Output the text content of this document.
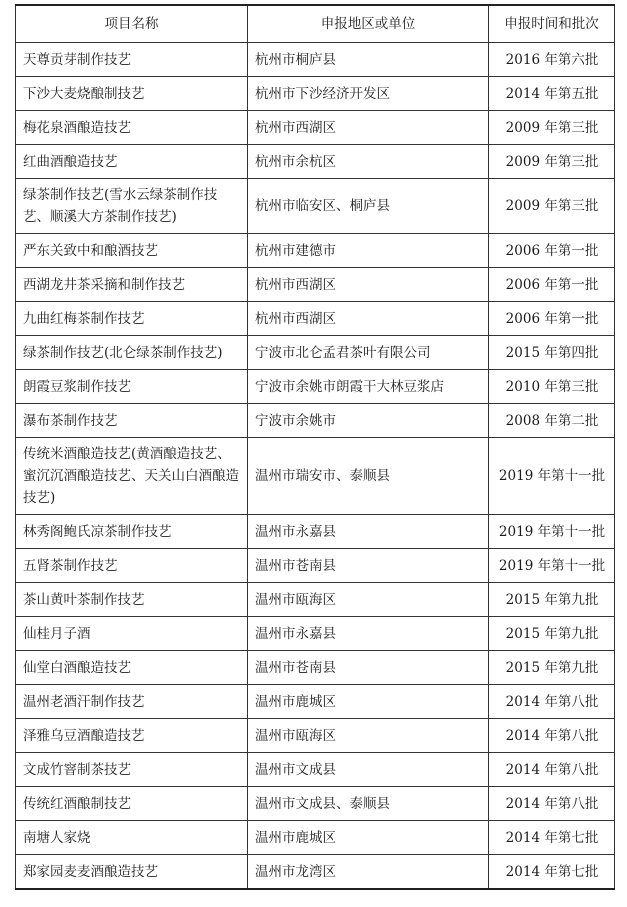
项目名称	申报地区或单位	申报时间和批次
天尊贡芽制作技艺	杭州市桐庐县	2016 年第六批
下沙大麦烧酿制技艺	杭州市下沙经济开发区	2014 年第五批
梅花泉酒酿造技艺	杭州市西湖区	2009 年第三批
红曲酒酿造技艺	杭州市余杭区	2009 年第三批
绿茶制作技艺(雪水云绿茶制作技艺、顺溪大方茶制作技艺)	杭州市临安区、桐庐县	2009 年第三批
严东关致中和酿酒技艺	杭州市建德市	2006 年第一批
西湖龙井茶采摘和制作技艺	杭州市西湖区	2006 年第一批
九曲红梅茶制作技艺	杭州市西湖区	2006 年第一批
绿茶制作技艺(北仑绿茶制作技艺)	宁波市北仑孟君茶叶有限公司	2015 年第四批
朗霞豆浆制作技艺	宁波市余姚市朗霞干大林豆浆店	2010 年第三批
瀑布茶制作技艺	宁波市余姚市	2008 年第二批
传统米酒酿造技艺(黄酒酿造技艺、蜜沉沉酒酿造技艺、天关山白酒酿造技艺)	温州市瑞安市、泰顺县	2019 年第十一批
林秀阁鲍氏凉茶制作技艺	温州市永嘉县	2019 年第十一批
五肾茶制作技艺	温州市苍南县	2019 年第十一批
茶山黄叶茶制作技艺	温州市瓯海区	2015 年第九批
仙桂月子酒	温州市永嘉县	2015 年第九批
仙堂白酒酿造技艺	温州市苍南县	2015 年第九批
温州老酒汗制作技艺	温州市鹿城区	2014 年第八批
泽雅乌豆酒酿造技艺	温州市瓯海区	2014 年第八批
文成竹窨制茶技艺	温州市文成县	2014 年第八批
传统红酒酿制技艺	温州市文成县、泰顺县	2014 年第八批
南塘人家烧	温州市鹿城区	2014 年第七批
郑家园麦麦酒酿造技艺	温州市龙湾区	2014 年第七批
